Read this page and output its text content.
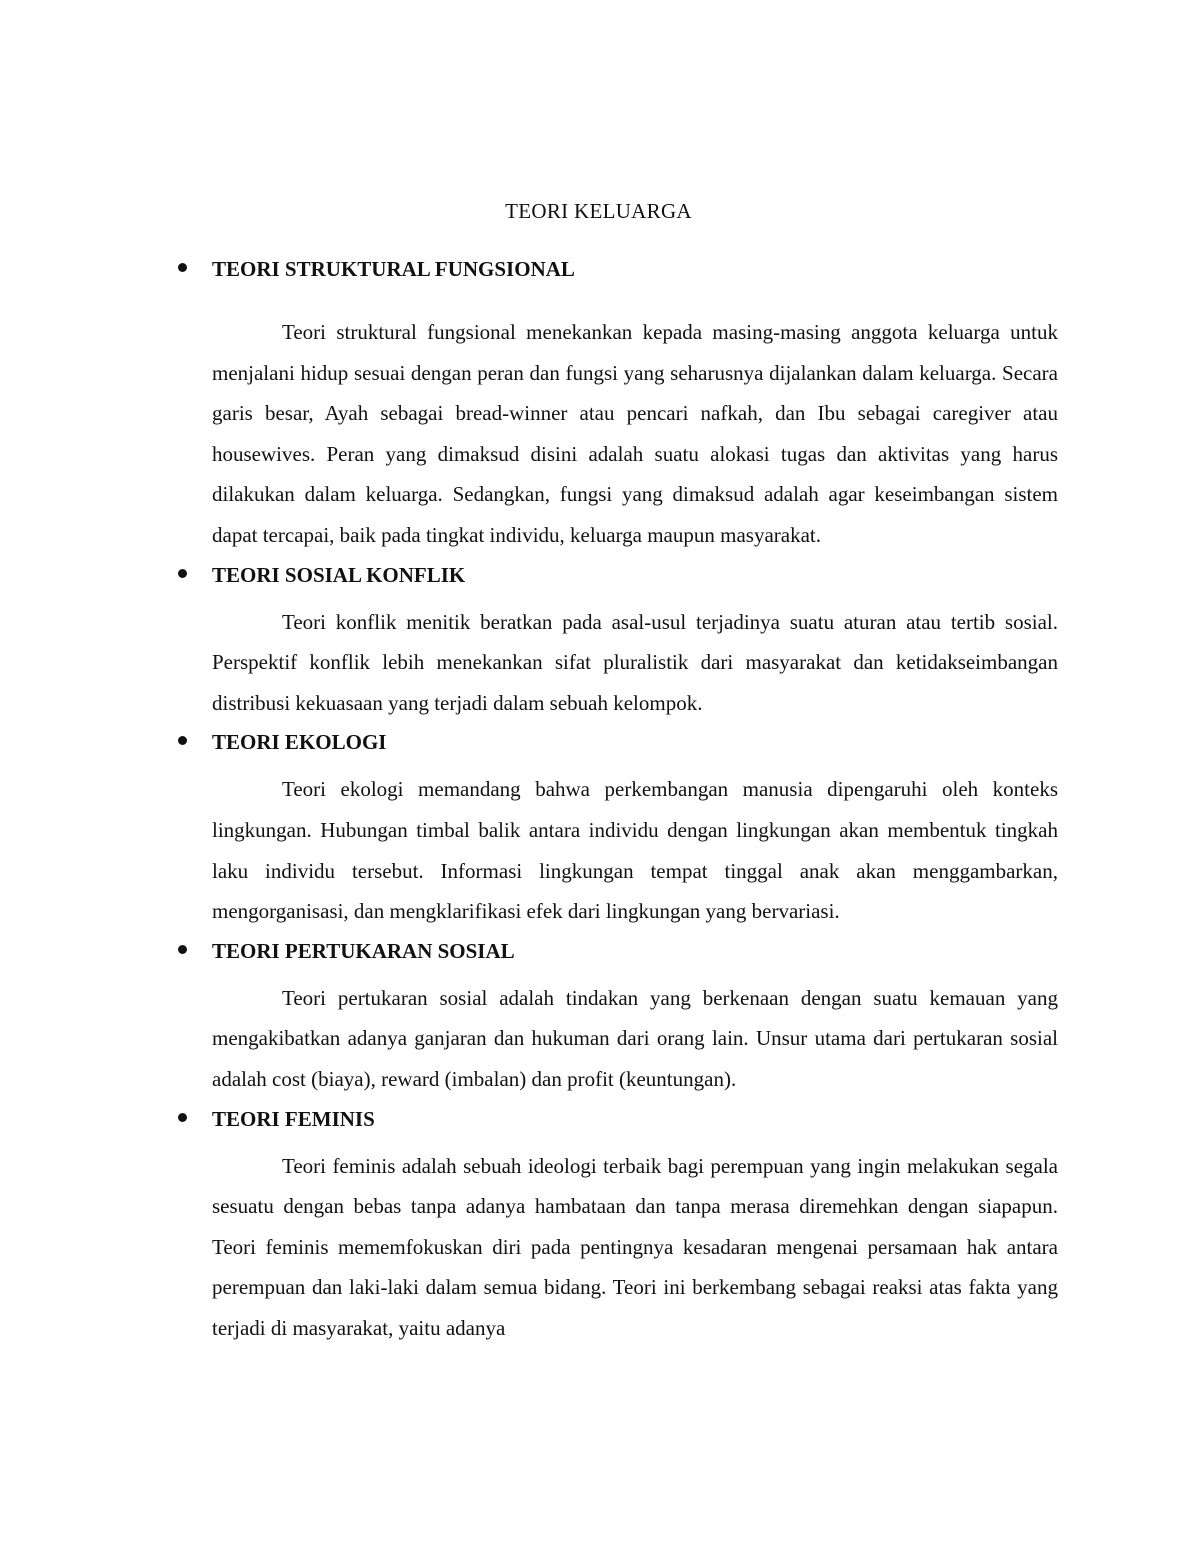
TEORI KELUARGA
TEORI STRUKTURAL FUNGSIONAL

Teori struktural fungsional menekankan kepada masing-masing anggota keluarga untuk menjalani hidup sesuai dengan peran dan fungsi yang seharusnya dijalankan dalam keluarga. Secara garis besar, Ayah sebagai bread-winner atau pencari nafkah, dan Ibu sebagai caregiver atau housewives. Peran yang dimaksud disini adalah suatu alokasi tugas dan aktivitas yang harus dilakukan dalam keluarga. Sedangkan, fungsi yang dimaksud adalah agar keseimbangan sistem dapat tercapai, baik pada tingkat individu, keluarga maupun masyarakat.

TEORI SOSIAL KONFLIK

Teori konflik menitik beratkan pada asal-usul terjadinya suatu aturan atau tertib sosial. Perspektif konflik lebih menekankan sifat pluralistik dari masyarakat dan ketidakseimbangan distribusi kekuasaan yang terjadi dalam sebuah kelompok.

TEORI EKOLOGI

Teori ekologi memandang bahwa perkembangan manusia dipengaruhi oleh konteks lingkungan. Hubungan timbal balik antara individu dengan lingkungan akan membentuk tingkah laku individu tersebut. Informasi lingkungan tempat tinggal anak akan menggambarkan, mengorganisasi, dan mengklarifikasi efek dari lingkungan yang bervariasi.

TEORI PERTUKARAN SOSIAL

Teori pertukaran sosial adalah tindakan yang berkenaan dengan suatu kemauan yang mengakibatkan adanya ganjaran dan hukuman dari orang lain. Unsur utama dari pertukaran sosial adalah cost (biaya), reward (imbalan) dan profit (keuntungan).

TEORI FEMINIS

Teori feminis adalah sebuah ideologi terbaik bagi perempuan yang ingin melakukan segala sesuatu dengan bebas tanpa adanya hambataan dan tanpa merasa diremehkan dengan siapapun. Teori feminis mememfokuskan diri pada pentingnya kesadaran mengenai persamaan hak antara perempuan dan laki-laki dalam semua bidang. Teori ini berkembang sebagai reaksi atas fakta yang terjadi di masyarakat, yaitu adanya
